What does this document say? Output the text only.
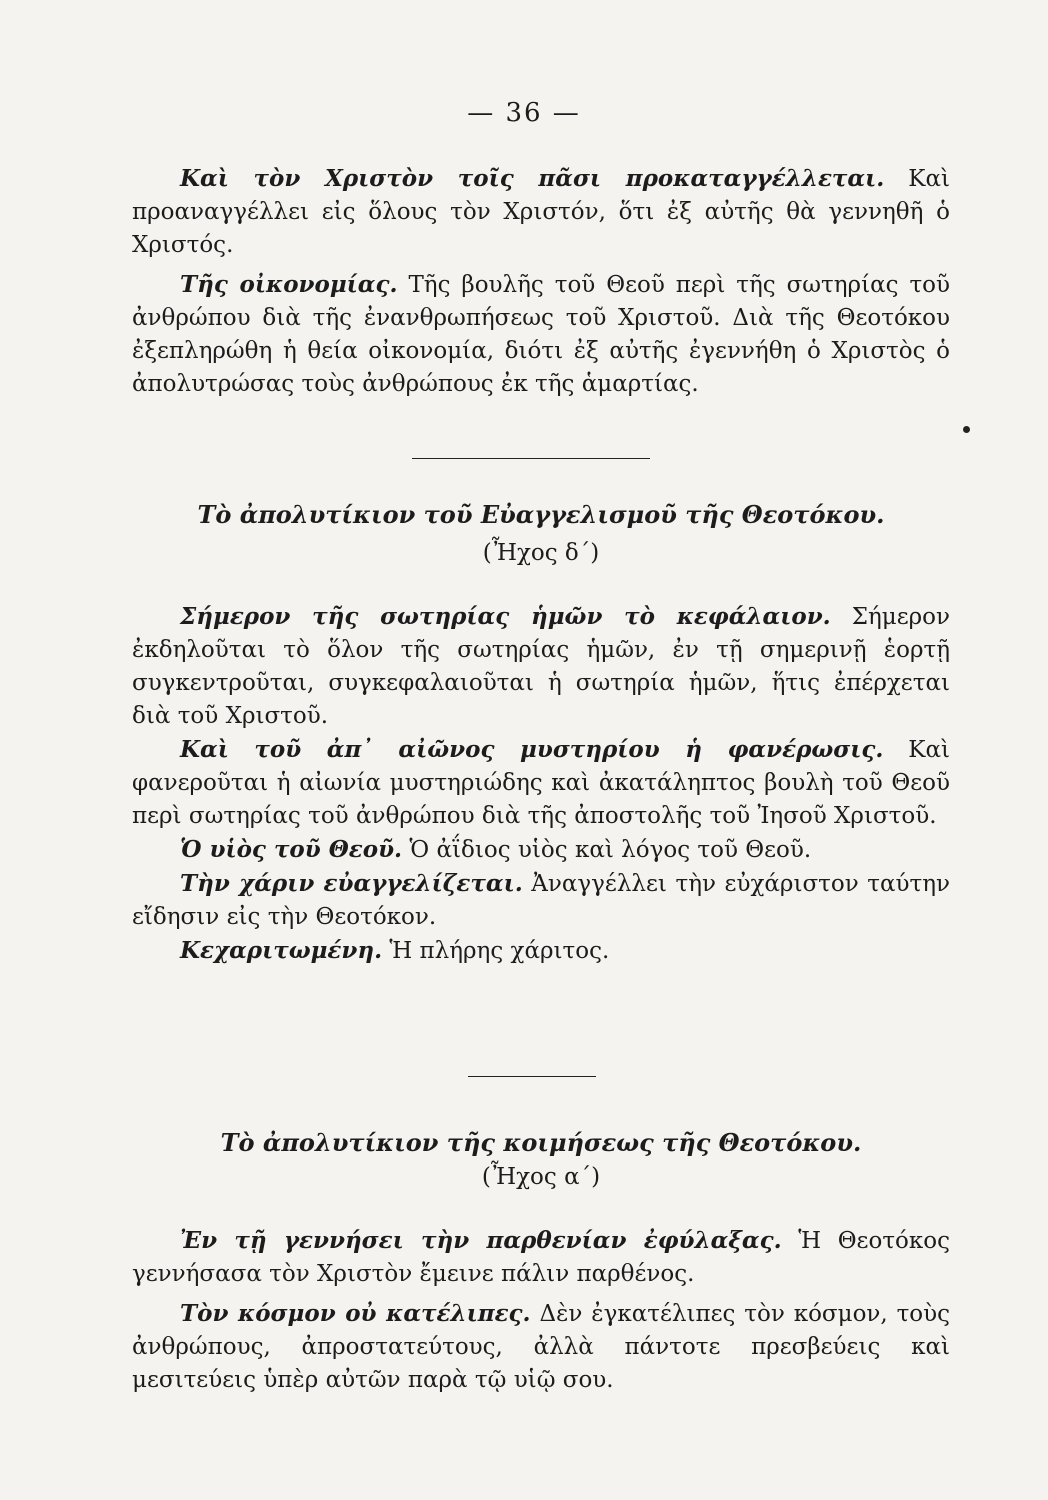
— 36 —

Καὶ τὸν Χριστὸν τοῖς πᾶσι προκαταγγέλλεται. Καὶ προαναγγέλλει εἰς ὅλους τὸν Χριστόν, ὅτι ἐξ αὐτῆς θὰ γεννηθῆ ὁ Χριστός.

Τῆς οἰκονομίας. Τῆς βουλῆς τοῦ Θεοῦ περὶ τῆς σωτηρίας τοῦ ἀνθρώπου διὰ τῆς ἐνανθρωπήσεως τοῦ Χριστοῦ. Διὰ τῆς Θεοτόκου ἐξεπληρώθη ἡ θεία οἰκονομία, διότι ἐξ αὐτῆς ἐγεννήθη ὁ Χριστὸς ὁ ἀπολυτρώσας τοὺς ἀνθρώπους ἐκ τῆς ἁμαρτίας.

Τὸ ἀπολυτίκιον τοῦ Εὐαγγελισμοῦ τῆς Θεοτόκου.
(Ἦχος δ΄)

Σήμερον τῆς σωτηρίας ἡμῶν τὸ κεφάλαιον. Σήμερον ἐκδηλοῦται τὸ ὅλον τῆς σωτηρίας ἡμῶν, ἐν τῇ σημερινῇ ἑορτῇ συγκεντροῦται, συγκεφαλαιοῦται ἡ σωτηρία ἡμῶν, ἥτις ἐπέρχεται διὰ τοῦ Χριστοῦ.

Καὶ τοῦ ἀπ᾽ αἰῶνος μυστηρίου ἡ φανέρωσις. Καὶ φανεροῦται ἡ αἰωνία μυστηριώδης καὶ ἀκατάληπτος βουλὴ τοῦ Θεοῦ περὶ σωτηρίας τοῦ ἀνθρώπου διὰ τῆς ἀποστολῆς τοῦ Ἰησοῦ Χριστοῦ.

Ὁ υἱὸς τοῦ Θεοῦ. Ὁ ἀΐδιος υἱὸς καὶ λόγος τοῦ Θεοῦ.

Τὴν χάριν εὐαγγελίζεται. Ἀναγγέλλει τὴν εὐχάριστον ταύτην εἴδησιν εἰς τὴν Θεοτόκον.

Κεχαριτωμένη. Ἡ πλήρης χάριτος.

Τὸ ἀπολυτίκιον τῆς κοιμήσεως τῆς Θεοτόκου.
(Ἦχος α΄)

Ἐν τῇ γεννήσει τὴν παρθενίαν ἐφύλαξας. Ἡ Θεοτόκος γεννήσασα τὸν Χριστὸν ἔμεινε πάλιν παρθένος.

Τὸν κόσμον οὐ κατέλιπες. Δὲν ἐγκατέλιπες τὸν κόσμον, τοὺς ἀνθρώπους, ἀπροστατεύτους, ἀλλὰ πάντοτε πρεσβεύεις καὶ μεσιτεύεις ὑπὲρ αὐτῶν παρὰ τῷ υἱῷ σου.
